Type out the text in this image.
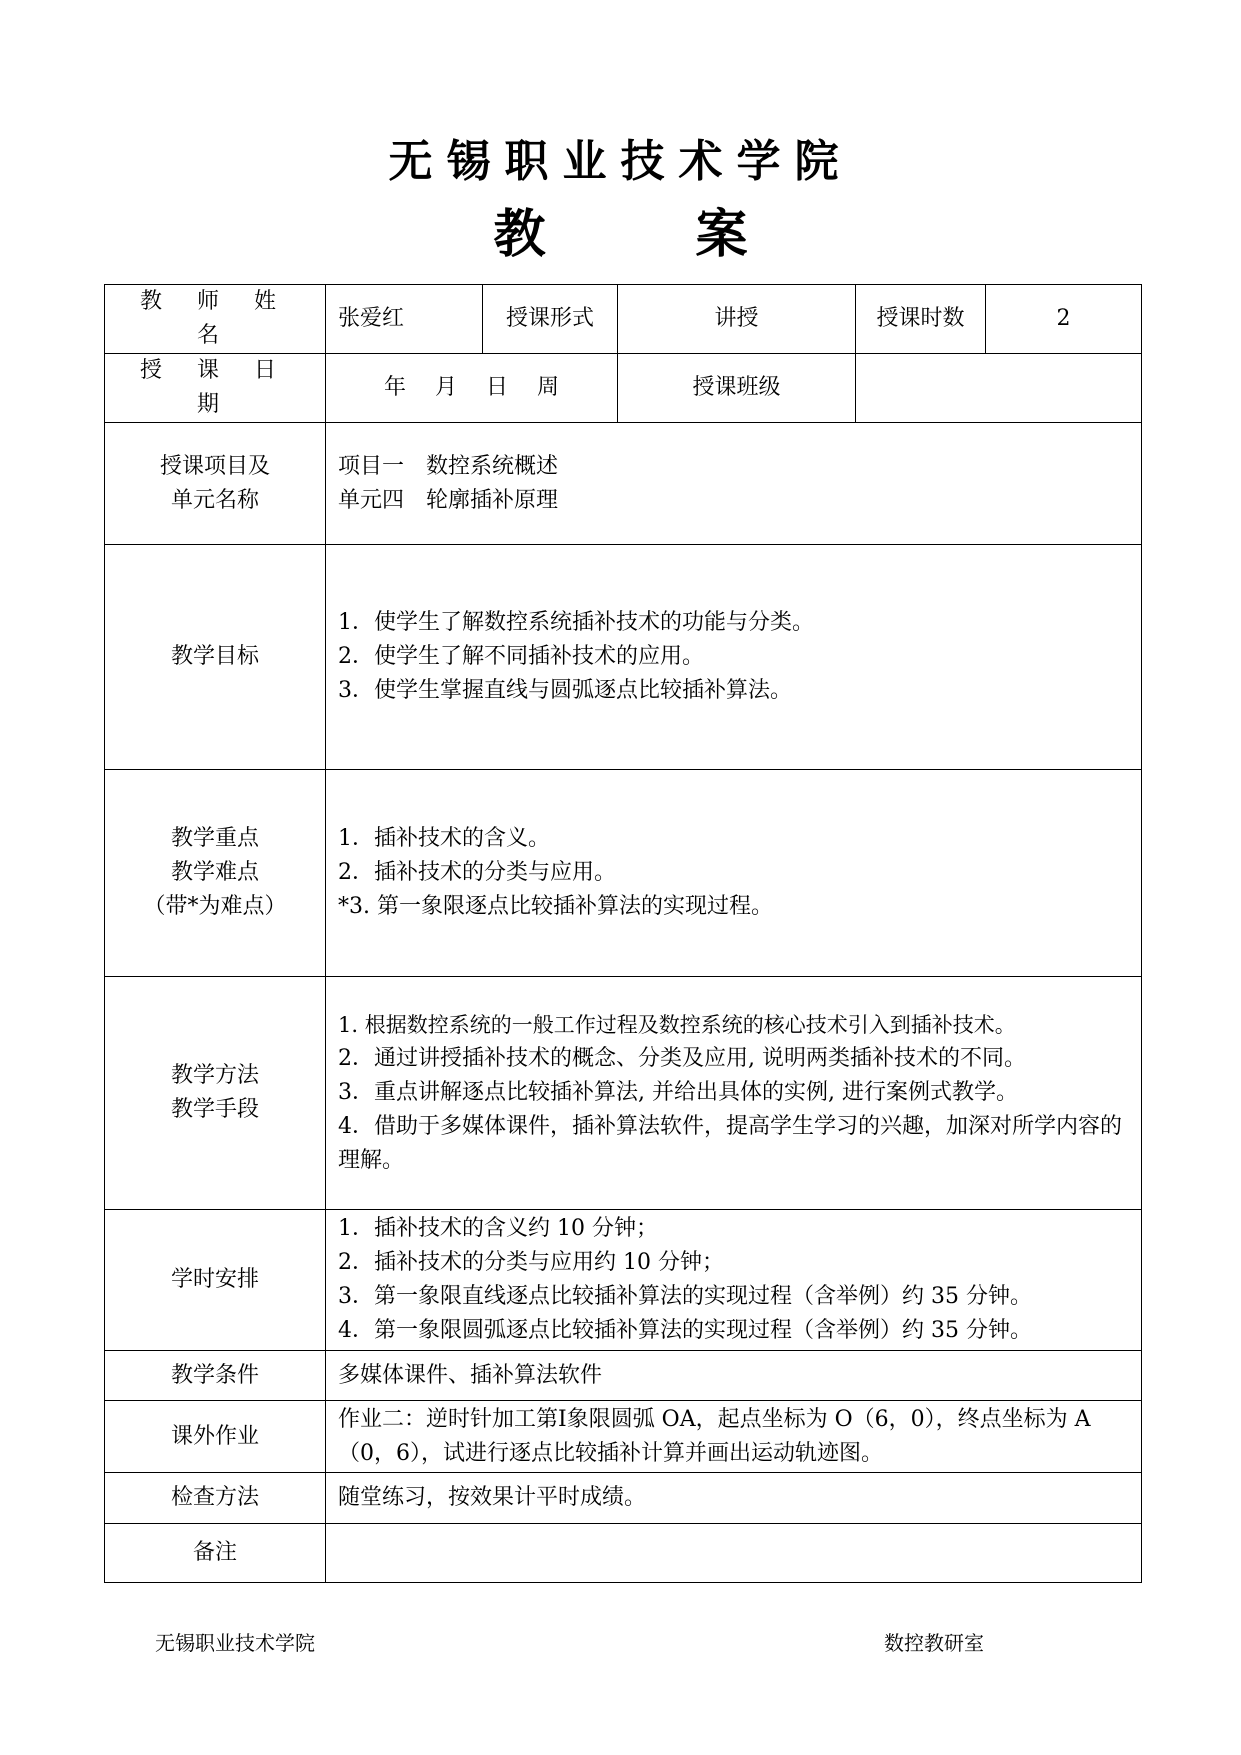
无锡职业技术学院
教	案
教 师 姓 名	张爱红	授课形式	讲授	授课时数	2
授 课 日 期	年　 月　 日　 周		授课班级		

授课项目及
单元名称	项目一　数控系统概述
单元四　轮廓插补原理				

教学目标	1．使学生了解数控系统插补技术的功能与分类。
2．使学生了解不同插补技术的应用。
3．使学生掌握直线与圆弧逐点比较插补算法。				

教学重点
教学难点
（带*为难点）	1．插补技术的含义。
2．插补技术的分类与应用。
*3. 第一象限逐点比较插补算法的实现过程。				

教学方法
教学手段	1. 根据数控系统的一般工作过程及数控系统的核心技术引入到插补技术。
2．通过讲授插补技术的概念、分类及应用, 说明两类插补技术的不同。
3．重点讲解逐点比较插补算法, 并给出具体的实例, 进行案例式教学。
4．借助于多媒体课件，插补算法软件，提高学生学习的兴趣，加深对所学内容的理解。				

学时安排	1．插补技术的含义约 10 分钟；
2．插补技术的分类与应用约 10 分钟；
3．第一象限直线逐点比较插补算法的实现过程（含举例）约 35 分钟。
4．第一象限圆弧逐点比较插补算法的实现过程（含举例）约 35 分钟。				

教学条件	多媒体课件、插补算法软件				
课外作业	作业二：逆时针加工第Ⅰ象限圆弧 OA，起点坐标为 O（6，0），终点坐标为 A（0，6），试进行逐点比较插补计算并画出运动轨迹图。				
检查方法	随堂练习，按效果计平时成绩。				
备注					
无锡职业技术学院	数控教研室
